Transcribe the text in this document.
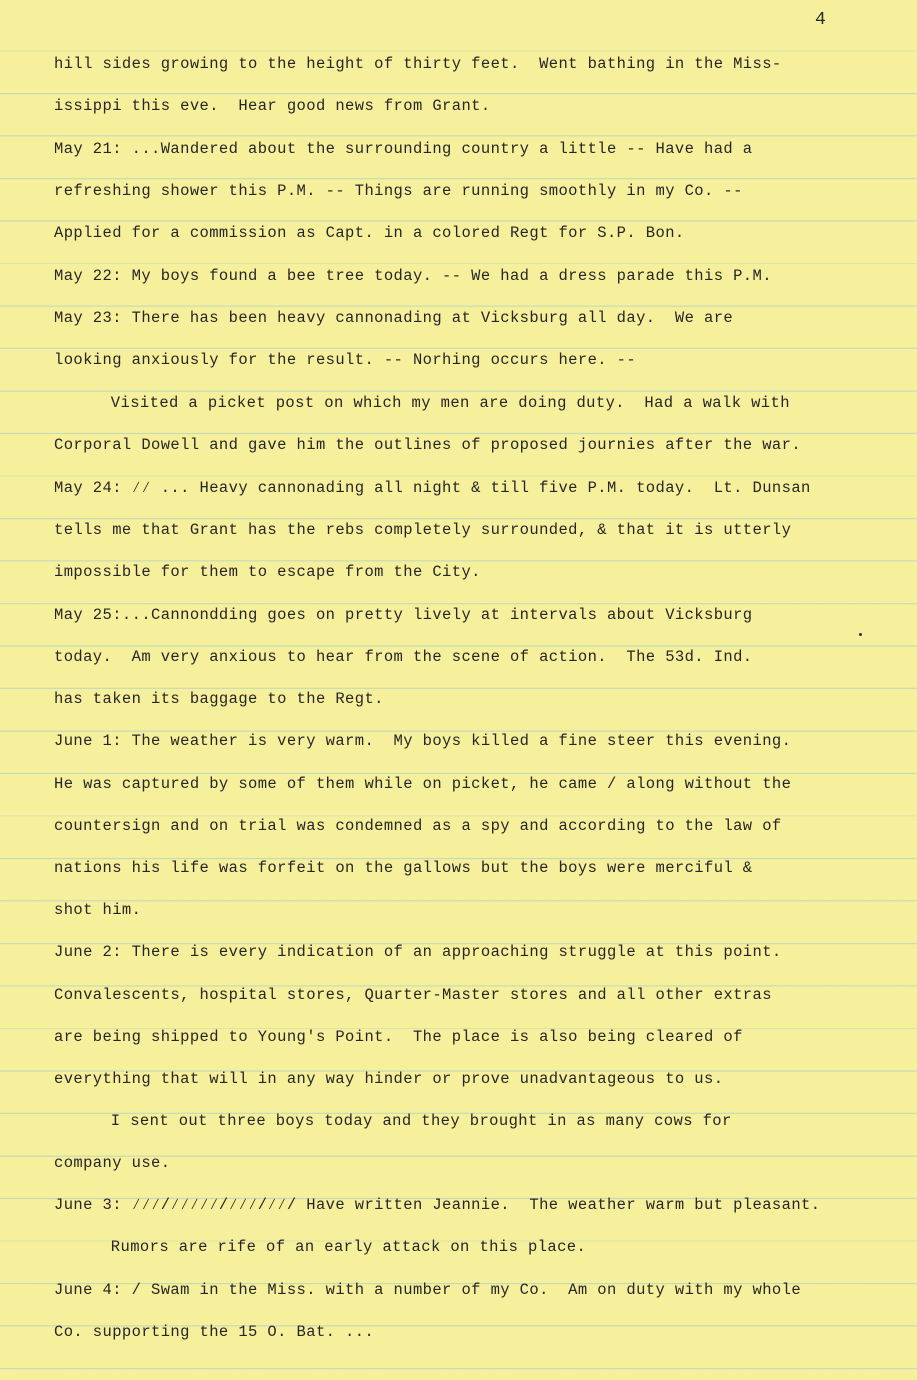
4
hill sides growing to the height of thirty feet.  Went bathing in the Miss-
issippi this eve.  Hear good news from Grant.
May 21: ...Wandered about the surrounding country a little -- Have had a
refreshing shower this P.M. -- Things are running smoothly in my Co. --
Applied for a commission as Capt. in a colored Regt for S.P. Bon.
May 22: My boys found a bee tree today. -- We had a dress parade this P.M.
May 23: There has been heavy cannonading at Vicksburg all day.  We are
looking anxiously for the result. -- Norhing occurs here. --
Visited a picket post on which my men are doing duty.  Had a walk with
Corporal Dowell and gave him the outlines of proposed journies after the war.
May 24: ∕∕ ... Heavy cannonading all night & till five P.M. today.  Lt. Dunsan
tells me that Grant has the rebs completely surrounded, & that it is utterly
impossible for them to escape from the City.
May 25:...Cannondding goes on pretty lively at intervals about Vicksburg
today.  Am very anxious to hear from the scene of action.  The 53d. Ind.
has taken its baggage to the Regt.
June 1: The weather is very warm.  My boys killed a fine steer this evening.
He was captured by some of them while on picket, he came / along without the
countersign and on trial was condemned as a spy and according to the law of
nations his life was forfeit on the gallows but the boys were merciful &
shot him.
June 2: There is every indication of an approaching struggle at this point.
Convalescents, hospital stores, Quarter-Master stores and all other extras
are being shipped to Young's Point.  The place is also being cleared of
everything that will in any way hinder or prove unadvantageous to us.
I sent out three boys today and they brought in as many cows for
company use.
June 3: ∕∕∕/∕∕∕∕∕/∕∕∕/∕∕/ Have written Jeannie.  The weather warm but pleasant.
Rumors are rife of an early attack on this place.
June 4: / Swam in the Miss. with a number of my Co.  Am on duty with my whole
Co. supporting the 15 O. Bat. ...
